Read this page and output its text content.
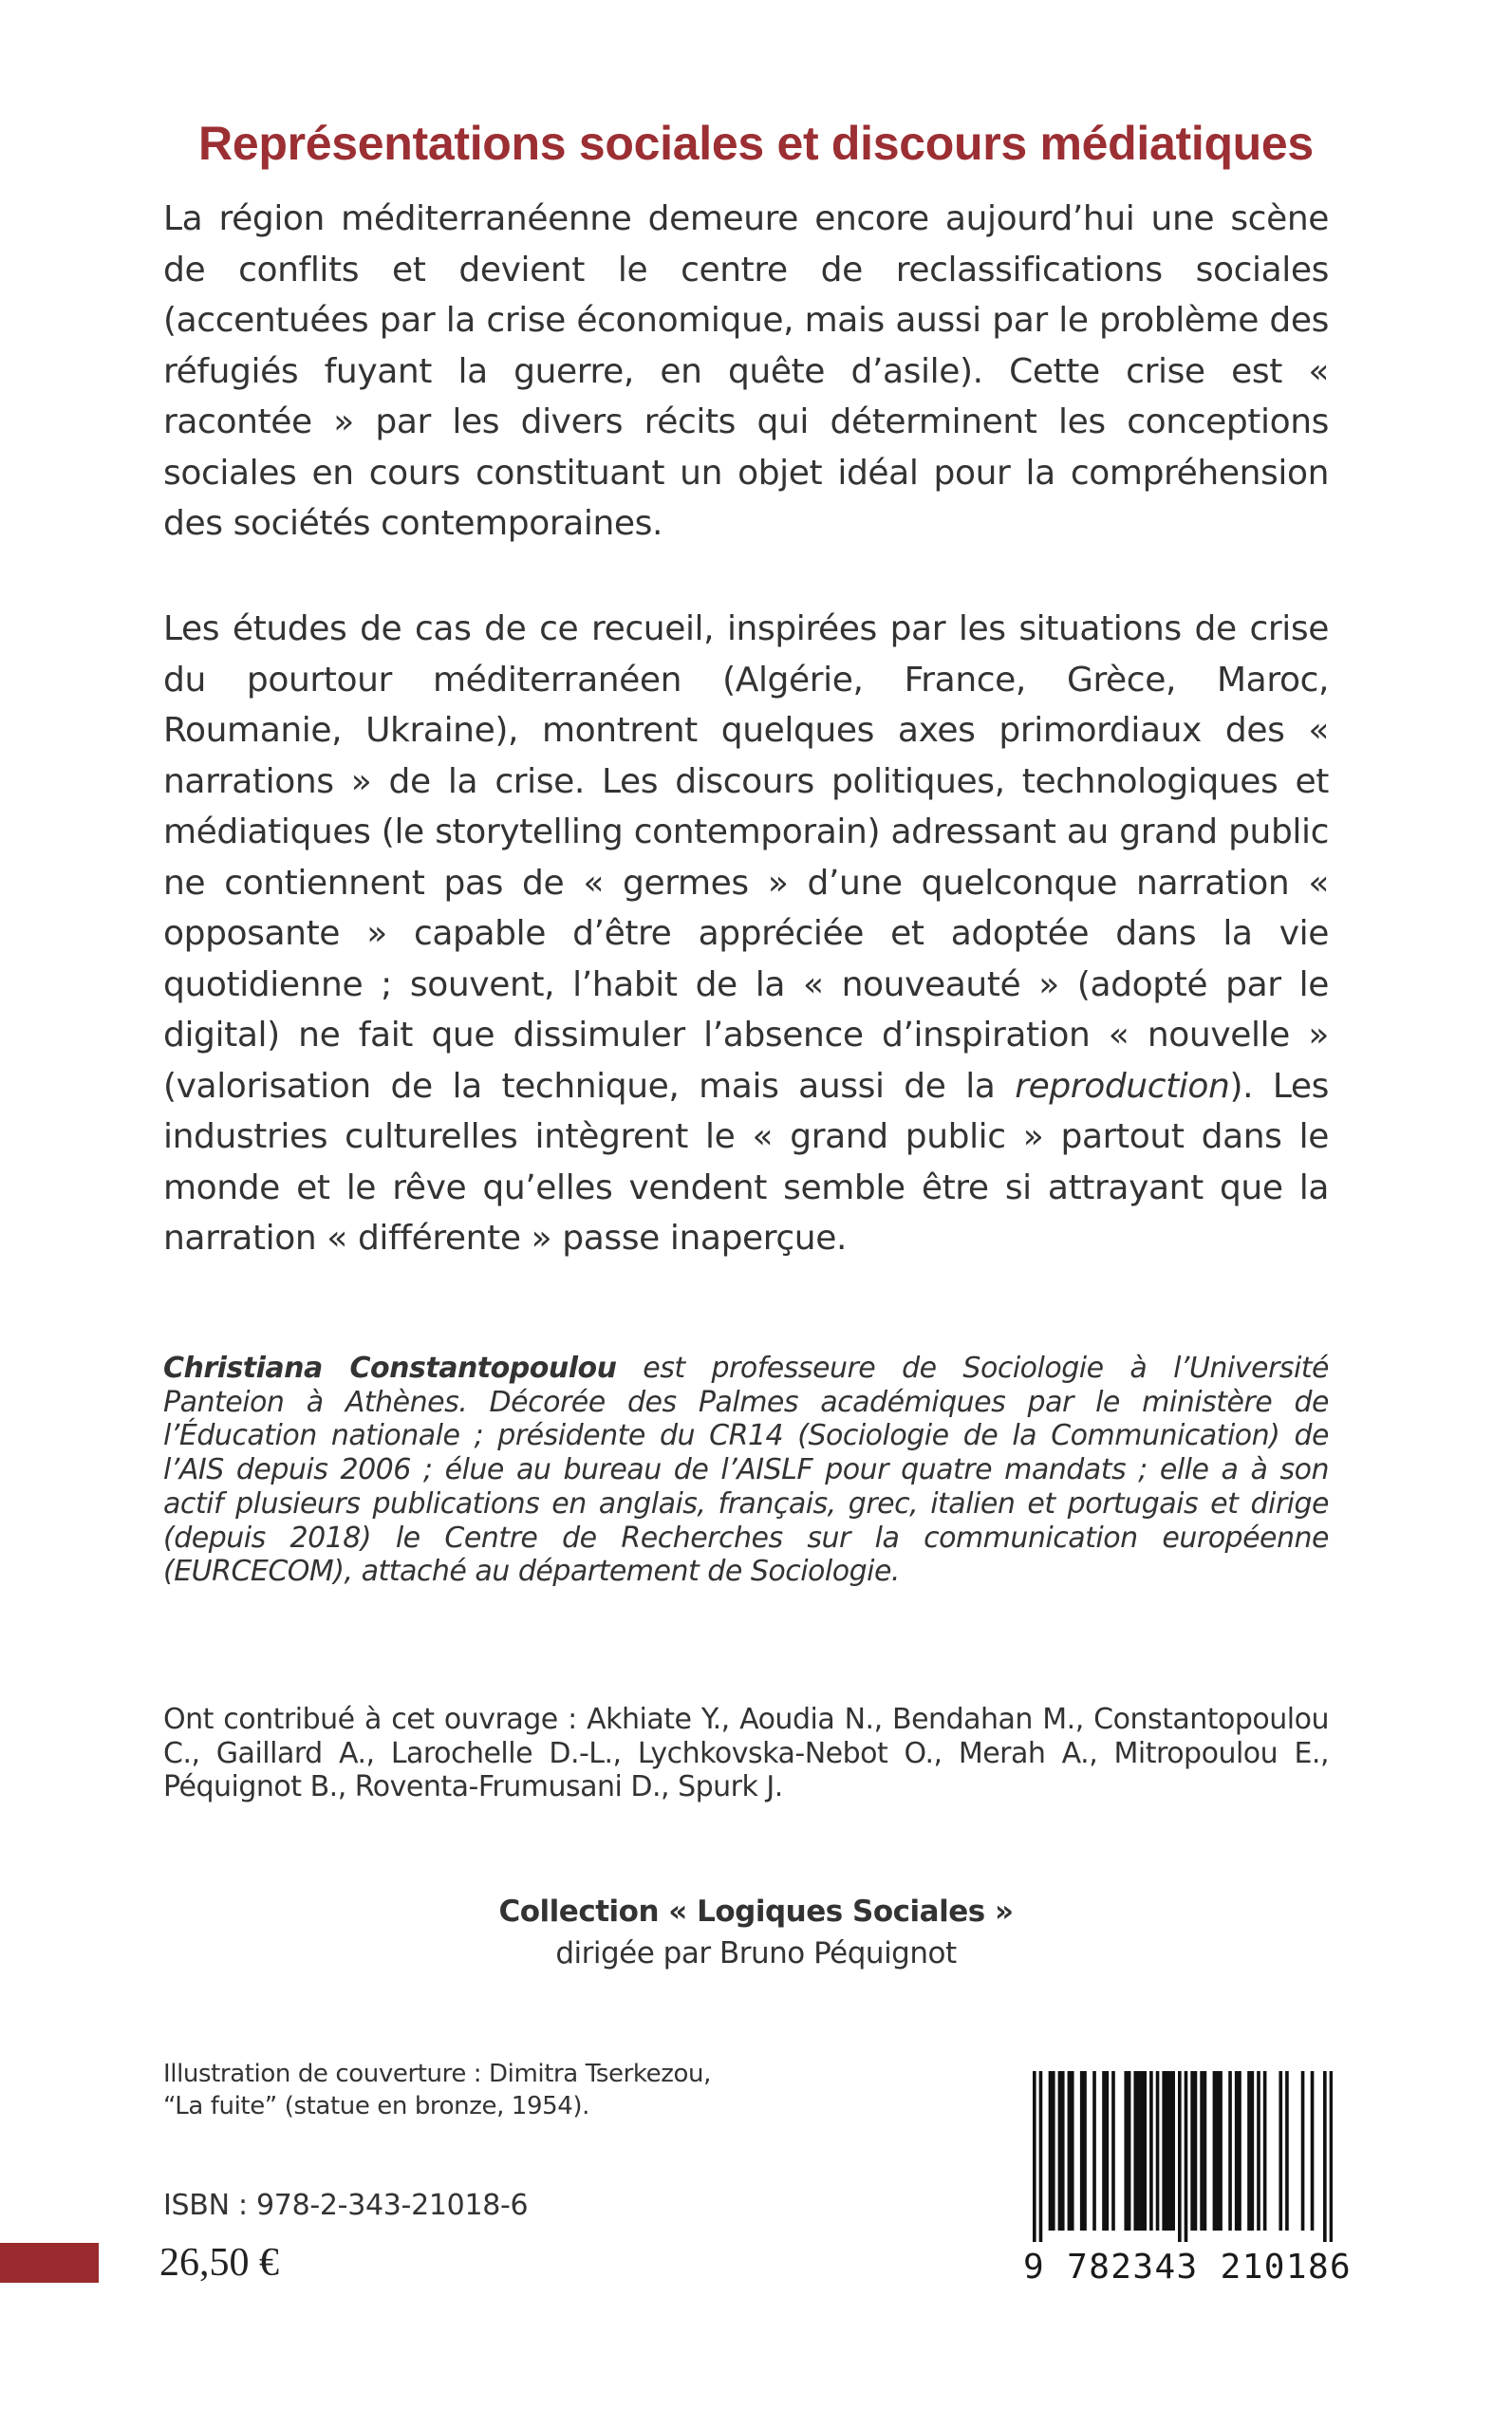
Représentations sociales et discours médiatiques

La région méditerranéenne demeure encore aujourd’hui une scène de conflits et devient le centre de reclassifications sociales (accentuées par la crise économique, mais aussi par le problème des réfugiés fuyant la guerre, en quête d’asile). Cette crise est « racontée » par les divers récits qui déterminent les conceptions sociales en cours constituant un objet idéal pour la compréhension des sociétés contemporaines.

Les études de cas de ce recueil, inspirées par les situations de crise du pourtour méditerranéen (Algérie, France, Grèce, Maroc, Roumanie, Ukraine), montrent quelques axes primordiaux des « narrations » de la crise. Les discours politiques, technologiques et médiatiques (le storytelling contemporain) adressant au grand public ne contiennent pas de « germes » d’une quelconque narration « opposante » capable d’être appréciée et adoptée dans la vie quotidienne ; souvent, l’habit de la « nouveauté » (adopté par le digital) ne fait que dissimuler l’absence d’inspiration « nouvelle » (valorisation de la technique, mais aussi de la reproduction). Les industries culturelles intègrent le « grand public » partout dans le monde et le rêve qu’elles vendent semble être si attrayant que la narration « différente » passe inaperçue.

Christiana Constantopoulou est professeure de Sociologie à l’Université Panteion à Athènes. Décorée des Palmes académiques par le ministère de l’Éducation nationale ; présidente du CR14 (Sociologie de la Communication) de l’AIS depuis 2006 ; élue au bureau de l’AISLF pour quatre mandats ; elle a à son actif plusieurs publications en anglais, français, grec, italien et portugais et dirige (depuis 2018) le Centre de Recherches sur la communication européenne (EURCECOM), attaché au département de Sociologie.

Ont contribué à cet ouvrage : Akhiate Y., Aoudia N., Bendahan M., Constantopoulou C., Gaillard A., Larochelle D.-L., Lychkovska-Nebot O., Merah A., Mitropoulou E., Péquignot B., Roventa-Frumusani D., Spurk J.

Collection « Logiques Sociales »
dirigée par Bruno Péquignot
Illustration de couverture : Dimitra Tserkezou,
“La fuite” (statue en bronze, 1954).
ISBN : 978-2-343-21018-6
26,50 €	9 782343 210186
